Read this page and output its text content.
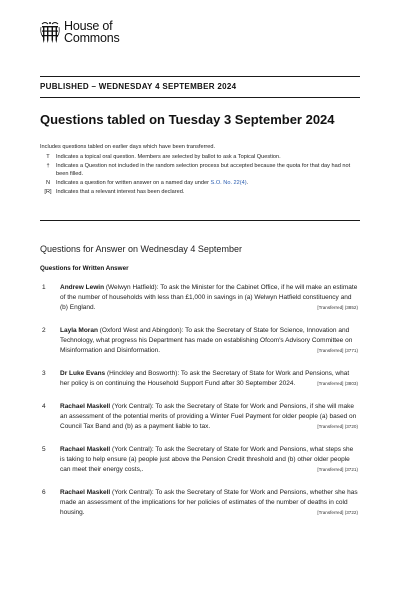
House of
Commons
PUBLISHED – WEDNESDAY 4 SEPTEMBER 2024
Questions tabled on Tuesday 3 September 2024
Includes questions tabled on earlier days which have been transferred.
T	Indicates a topical oral question. Members are selected by ballot to ask a Topical Question.
†	Indicates a Question not included in the random selection process but accepted because the quota for that day had not been filled.
N	Indicates a question for written answer on a named day under S.O. No. 22(4).
[R] Indicates that a relevant interest has been declared.
Questions for Answer on Wednesday 4 September
Questions for Written Answer
1	Andrew Lewin (Welwyn Hatfield): To ask the Minister for the Cabinet Office, if he will make an estimate of the number of households with less than £1,000 in savings in (a) Welwyn Hatfield constituency and (b) England.	[Transferred] (3852)
2	Layla Moran (Oxford West and Abingdon): To ask the Secretary of State for Science, Innovation and Technology, what progress his Department has made on establishing Ofcom's Advisory Committee on Misinformation and Disinformation.	[Transferred] (3771)
3	Dr Luke Evans (Hinckley and Bosworth): To ask the Secretary of State for Work and Pensions, what her policy is on continuing the Household Support Fund after 30 September 2024.	[Transferred] (3803)
4	Rachael Maskell (York Central): To ask the Secretary of State for Work and Pensions, if she will make an assessment of the potential merits of providing a Winter Fuel Payment for older people (a) based on Council Tax Band and (b) as a payment liable to tax.	[Transferred] (3720)
5	Rachael Maskell (York Central): To ask the Secretary of State for Work and Pensions, what steps she is taking to help ensure (a) people just above the Pension Credit threshold and (b) other older people can meet their energy costs,.	[Transferred] (3721)
6	Rachael Maskell (York Central): To ask the Secretary of State for Work and Pensions, whether she has made an assessment of the implications for her policies of estimates of the number of deaths in cold housing.	[Transferred] (3722)
